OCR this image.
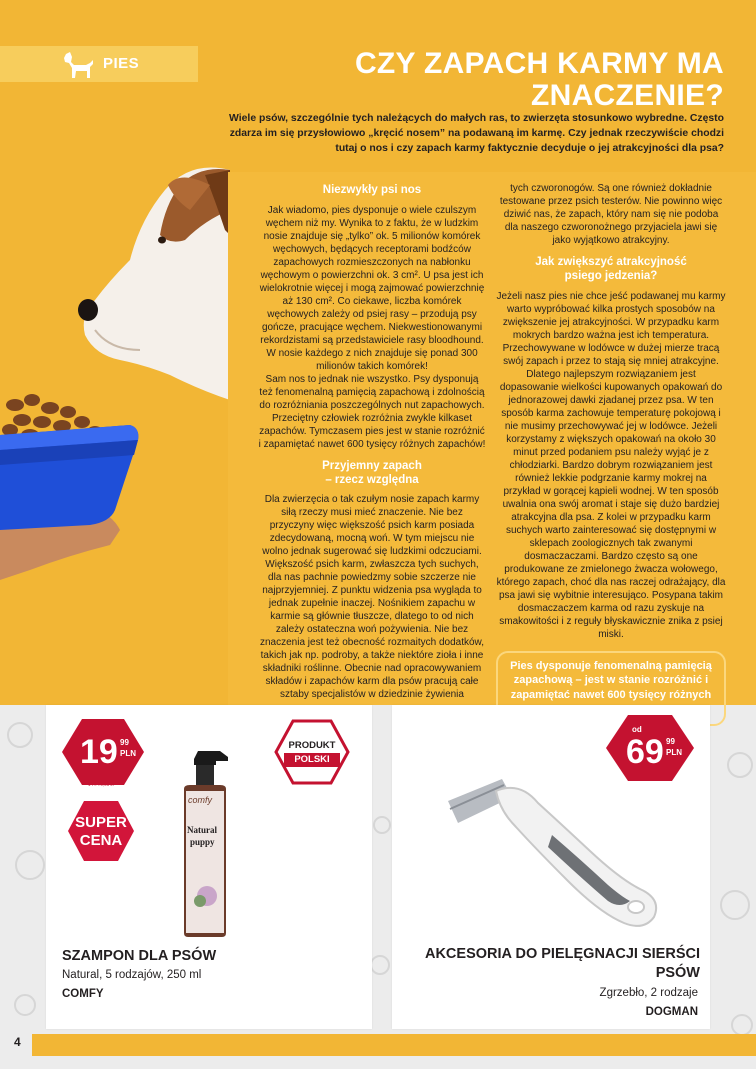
PIES	CZY ZAPACH KARMY MA
ZNACZENIE?
Wiele psów, szczególnie tych należących do małych ras, to zwierzęta stosunkowo wybredne. Często zdarza im się przysłowiowo „kręcić nosem” na podawaną im karmę. Czy jednak rzeczywiście chodzi tutaj o nos i czy zapach karmy faktycznie decyduje o jej atrakcyjności dla psa?
Niezwykły psi nos

Jak wiadomo, pies dysponuje o wiele czulszym węchem niż my. Wynika to z faktu, że w ludzkim nosie znajduje się „tylko” ok. 5 milionów komórek węchowych, będących receptorami bodźców zapachowych rozmieszczonych na nabłonku węchowym o powierzchni ok. 3 cm². U psa jest ich wielokrotnie więcej i mogą zajmować powierzchnię aż 130 cm². Co ciekawe, liczba komórek węchowych zależy od psiej rasy – przodują psy gończe, pracujące węchem. Niekwestionowanymi rekordzistami są przedstawiciele rasy bloodhound. W nosie każdego z nich znajduje się ponad 300 milionów takich komórek!

Sam nos to jednak nie wszystko. Psy dysponują też fenomenalną pamięcią zapachową i zdolnością do rozróżniania poszczególnych nut zapachowych. Przeciętny człowiek rozróżnia zwykle kilkaset zapachów. Tymczasem pies jest w stanie rozróżnić i zapamiętać nawet 600 tysięcy różnych zapachów!

Przyjemny zapach
– rzecz względna

Dla zwierzęcia o tak czułym nosie zapach karmy siłą rzeczy musi mieć znaczenie. Nie bez przyczyny więc większość psich karm posiada zdecydowaną, mocną woń. W tym miejscu nie wolno jednak sugerować się ludzkimi odczuciami. Większość psich karm, zwłaszcza tych suchych, dla nas pachnie powiedzmy sobie szczerze nie najprzyjemniej. Z punktu widzenia psa wygląda to jednak zupełnie inaczej. Nośnikiem zapachu w karmie są głównie tłuszcze, dlatego to od nich zależy ostateczna woń pożywienia. Nie bez znaczenia jest też obecność rozmaitych dodatków, takich jak np. podroby, a także niektóre zioła i inne składniki roślinne. Obecnie nad opracowywaniem składów i zapachów karm dla psów pracują całe sztaby specjalistów w dziedzinie żywienia

tych czworonogów. Są one również dokładnie testowane przez psich testerów. Nie powinno więc dziwić nas, że zapach, który nam się nie podoba dla naszego czworonożnego przyjaciela jawi się jako wyjątkowo atrakcyjny.

Jak zwiększyć atrakcyjność
psiego jedzenia?

Jeżeli nasz pies nie chce jeść podawanej mu karmy warto wypróbować kilka prostych sposobów na zwiększenie jej atrakcyjności. W przypadku karm mokrych bardzo ważna jest ich temperatura. Przechowywane w lodówce w dużej mierze tracą swój zapach i przez to stają się mniej atrakcyjne. Dlatego najlepszym rozwiązaniem jest dopasowanie wielkości kupowanych opakowań do jednorazowej dawki zjadanej przez psa. W ten sposób karma zachowuje temperaturę pokojową i nie musimy przechowywać jej w lodówce. Jeżeli korzystamy z większych opakowań na około 30 minut przed podaniem psu należy wyjąć je z chłodziarki. Bardzo dobrym rozwiązaniem jest również lekkie podgrzanie karmy mokrej na przykład w gorącej kąpieli wodnej. W ten sposób uwalnia ona swój aromat i staje się dużo bardziej atrakcyjna dla psa. Z kolei w przypadku karm suchych warto zainteresować się dostępnymi w sklepach zoologicznych tak zwanymi dosmaczaczami. Bardzo często są one produkowane ze zmielonego żwacza wołowego, którego zapach, choć dla nas raczej odrażający, dla psa jawi się wybitnie interesująco. Posypana takim dosmaczaczem karma od razu zyskuje na smakowitości i z reguły błyskawicznie znika z psiej miski.

Pies dysponuje fenomenalną pamięcią zapachową – jest w stanie rozróżnić i zapamiętać nawet 600 tysięcy różnych
19 99
PLN
1 l = 79,96 zł
SUPER
CENA
PRODUKT
POLSKI
comfy
Natural
puppy
SZAMPON DLA PSÓW
Natural, 5 rodzajów, 250 ml
COMFY
od
69 99
PLN
AKCESORIA DO PIELĘGNACJI SIERŚCI
PSÓW
Zgrzebło, 2 rodzaje
DOGMAN
4
